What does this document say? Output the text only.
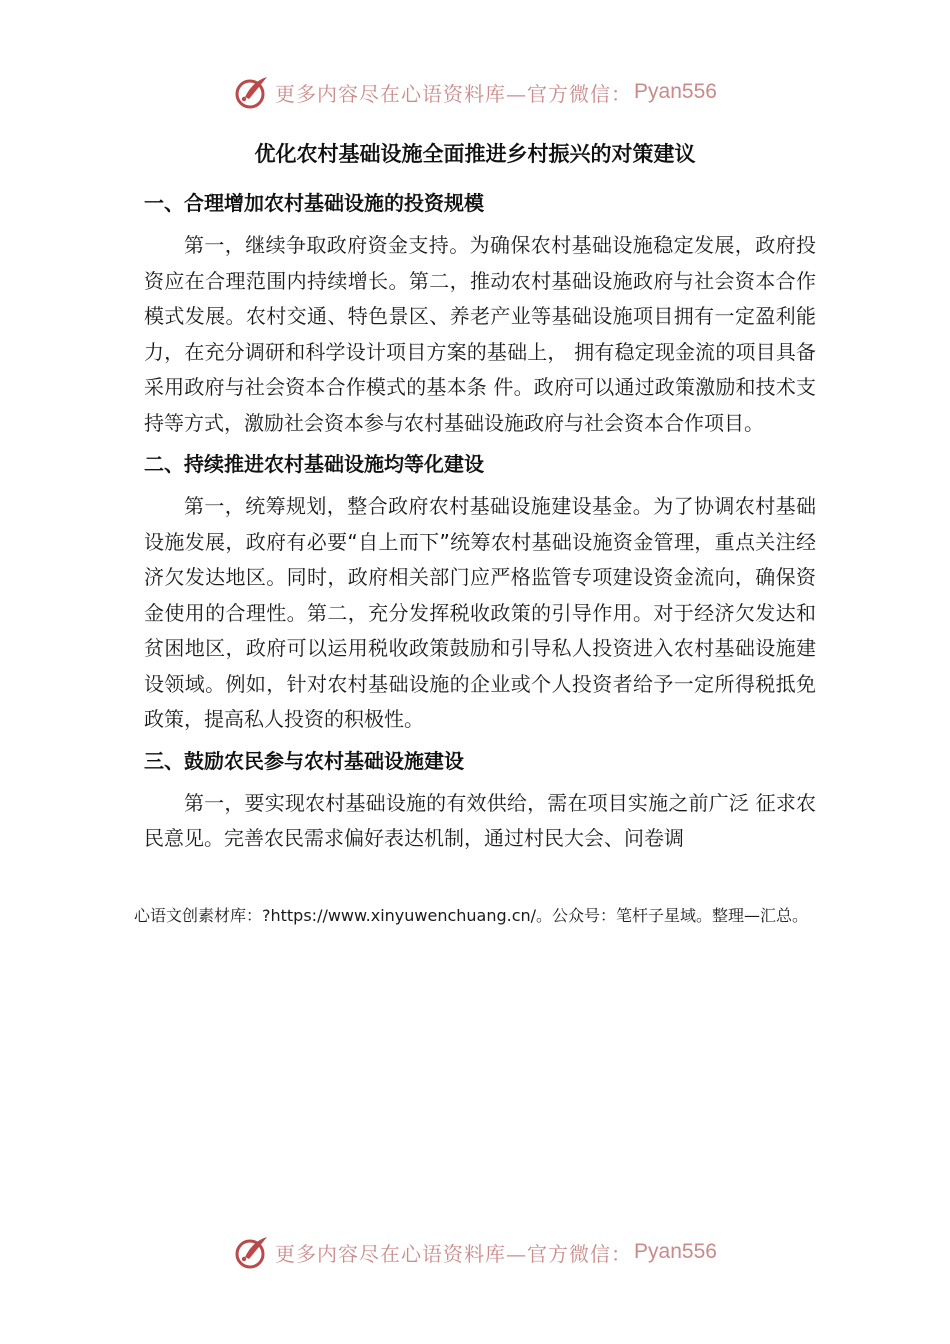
更多内容尽在心语资料库—官方微信： Pyan556
优化农村基础设施全面推进乡村振兴的对策建议
一、合理增加农村基础设施的投资规模

第一，继续争取政府资金支持。为确保农村基础设施稳定发展，政府投资应在合理范围内持续增长。第二，推动农村基础设施政府与社会资本合作模式发展。农村交通、特色景区、养老产业等基础设施项目拥有一定盈利能力，在充分调研和科学设计项目方案的基础上， 拥有稳定现金流的项目具备采用政府与社会资本合作模式的基本条 件。政府可以通过政策激励和技术支持等方式，激励社会资本参与农村基础设施政府与社会资本合作项目。

二、持续推进农村基础设施均等化建设

第一，统筹规划，整合政府农村基础设施建设基金。为了协调农村基础设施发展，政府有必要“自上而下”统筹农村基础设施资金管理，重点关注经济欠发达地区。同时，政府相关部门应严格监管专项建设资金流向，确保资金使用的合理性。第二，充分发挥税收政策的引导作用。对于经济欠发达和贫困地区，政府可以运用税收政策鼓励和引导私人投资进入农村基础设施建设领域。例如，针对农村基础设施的企业或个人投资者给予一定所得税抵免政策，提高私人投资的积极性。

三、鼓励农民参与农村基础设施建设

第一，要实现农村基础设施的有效供给，需在项目实施之前广泛 征求农民意见。完善农民需求偏好表达机制，通过村民大会、问卷调

心语文创素材库：?https://www.xinyuwenchuang.cn/。公众号：笔杆子星域。整理—汇总。
更多内容尽在心语资料库—官方微信： Pyan556
